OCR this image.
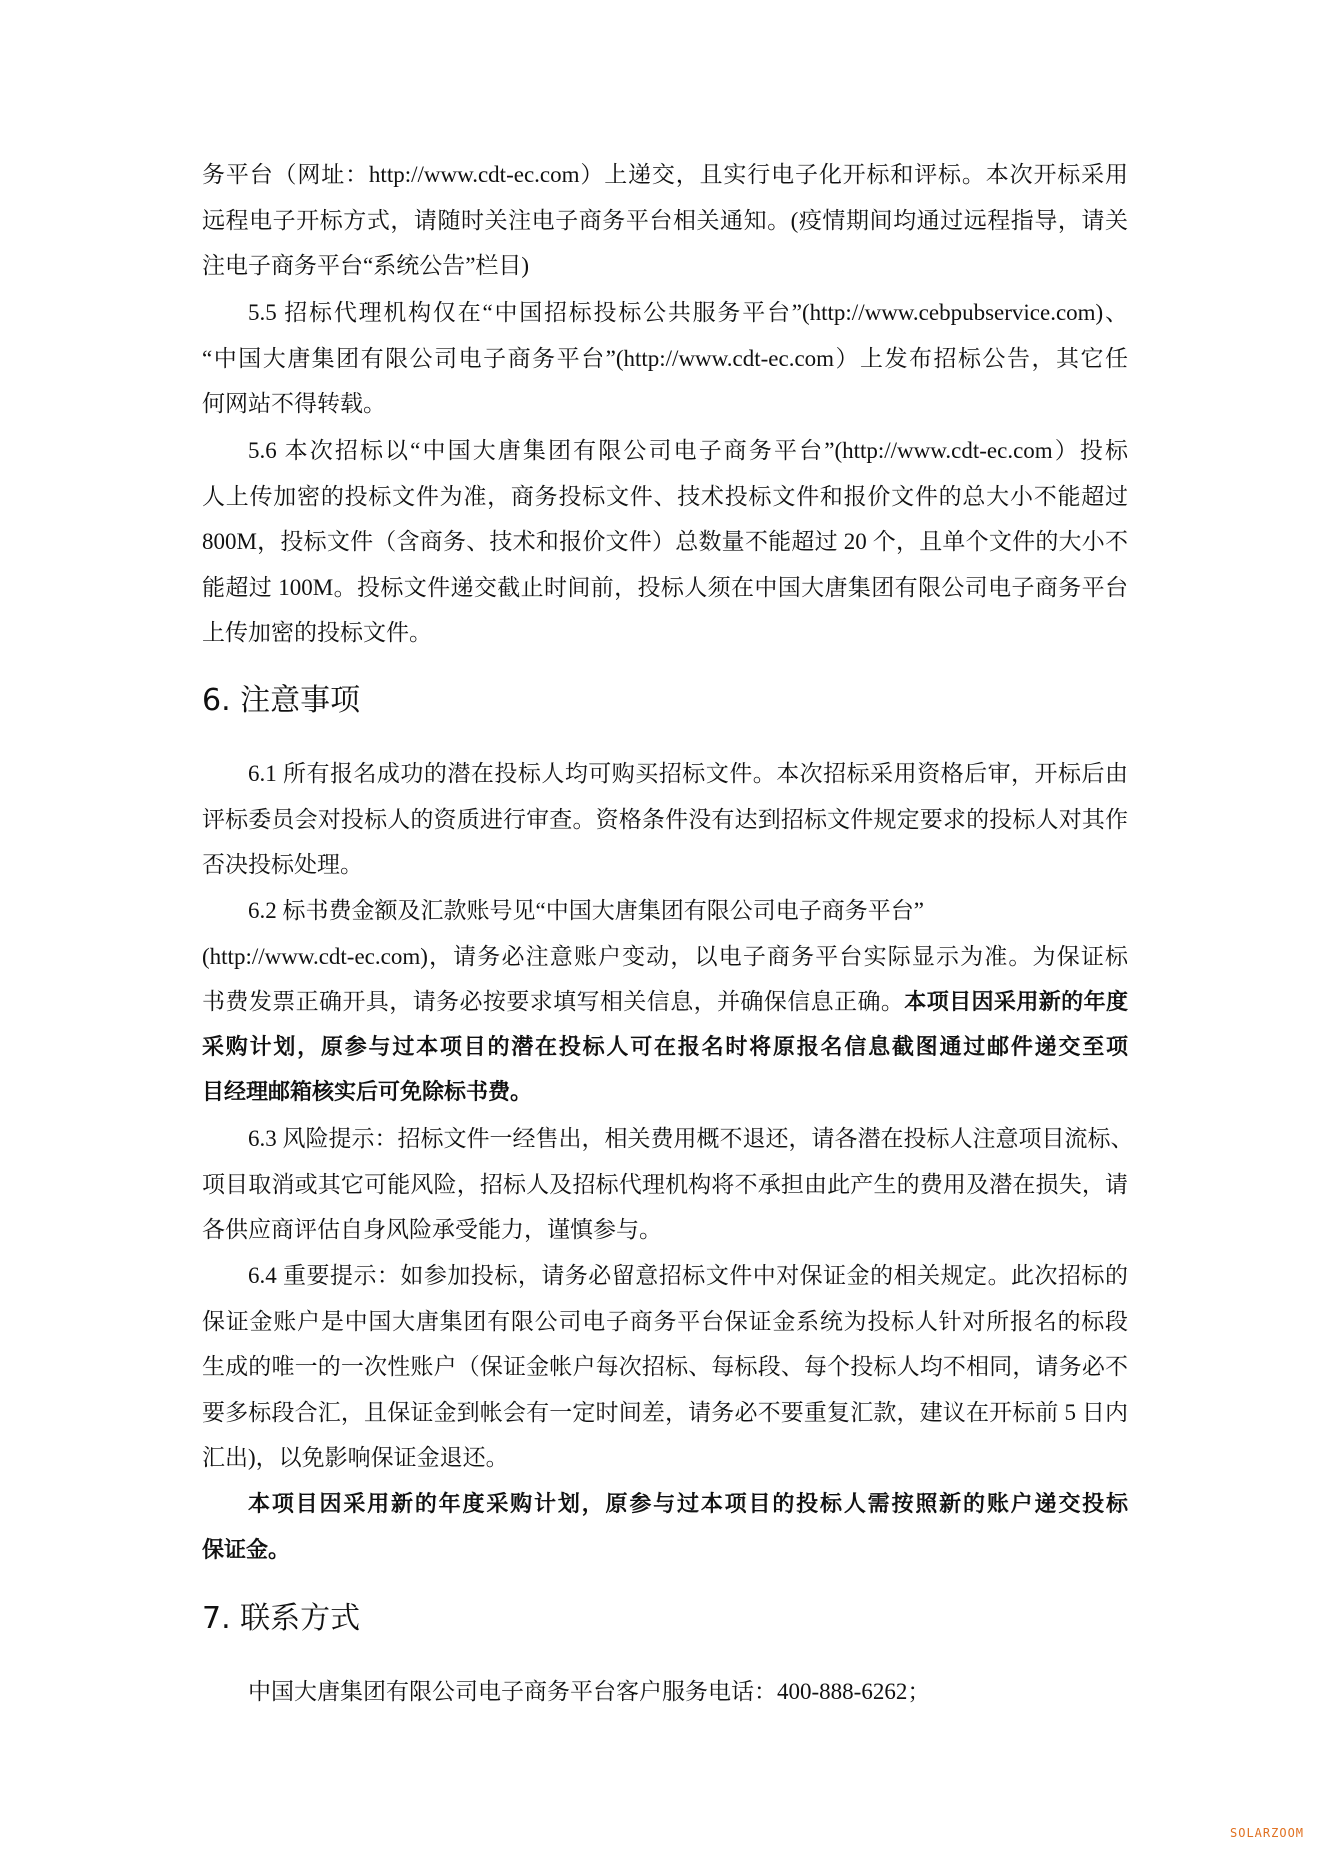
务平台（网址：http://www.cdt-ec.com）上递交，且实行电子化开标和评标。本次开标采用
远程电子开标方式，请随时关注电子商务平台相关通知。(疫情期间均通过远程指导，请关
注电子商务平台“系统公告”栏目)
5.5 招标代理机构仅在“中国招标投标公共服务平台”(http://www.cebpubservice.com)、
“中国大唐集团有限公司电子商务平台”(http://www.cdt-ec.com）上发布招标公告，其它任
何网站不得转载。
5.6 本次招标以“中国大唐集团有限公司电子商务平台”(http://www.cdt-ec.com）投标
人上传加密的投标文件为准，商务投标文件、技术投标文件和报价文件的总大小不能超过
800M，投标文件（含商务、技术和报价文件）总数量不能超过 20 个，且单个文件的大小不
能超过 100M。投标文件递交截止时间前，投标人须在中国大唐集团有限公司电子商务平台
上传加密的投标文件。
6. 注意事项
6.1 所有报名成功的潜在投标人均可购买招标文件。本次招标采用资格后审，开标后由
评标委员会对投标人的资质进行审查。资格条件没有达到招标文件规定要求的投标人对其作
否决投标处理。
6.2 标书费金额及汇款账号见“中国大唐集团有限公司电子商务平台”
(http://www.cdt-ec.com)，请务必注意账户变动，以电子商务平台实际显示为准。为保证标
书费发票正确开具，请务必按要求填写相关信息，并确保信息正确。本项目因采用新的年度
采购计划，原参与过本项目的潜在投标人可在报名时将原报名信息截图通过邮件递交至项
目经理邮箱核实后可免除标书费。
6.3 风险提示：招标文件一经售出，相关费用概不退还，请各潜在投标人注意项目流标、
项目取消或其它可能风险，招标人及招标代理机构将不承担由此产生的费用及潜在损失，请
各供应商评估自身风险承受能力，谨慎参与。
6.4 重要提示：如参加投标，请务必留意招标文件中对保证金的相关规定。此次招标的
保证金账户是中国大唐集团有限公司电子商务平台保证金系统为投标人针对所报名的标段
生成的唯一的一次性账户（保证金帐户每次招标、每标段、每个投标人均不相同，请务必不
要多标段合汇，且保证金到帐会有一定时间差，请务必不要重复汇款，建议在开标前 5 日内
汇出)，以免影响保证金退还。
本项目因采用新的年度采购计划，原参与过本项目的投标人需按照新的账户递交投标
保证金。
7. 联系方式
中国大唐集团有限公司电子商务平台客户服务电话：400-888-6262；
SOLARZOOM
